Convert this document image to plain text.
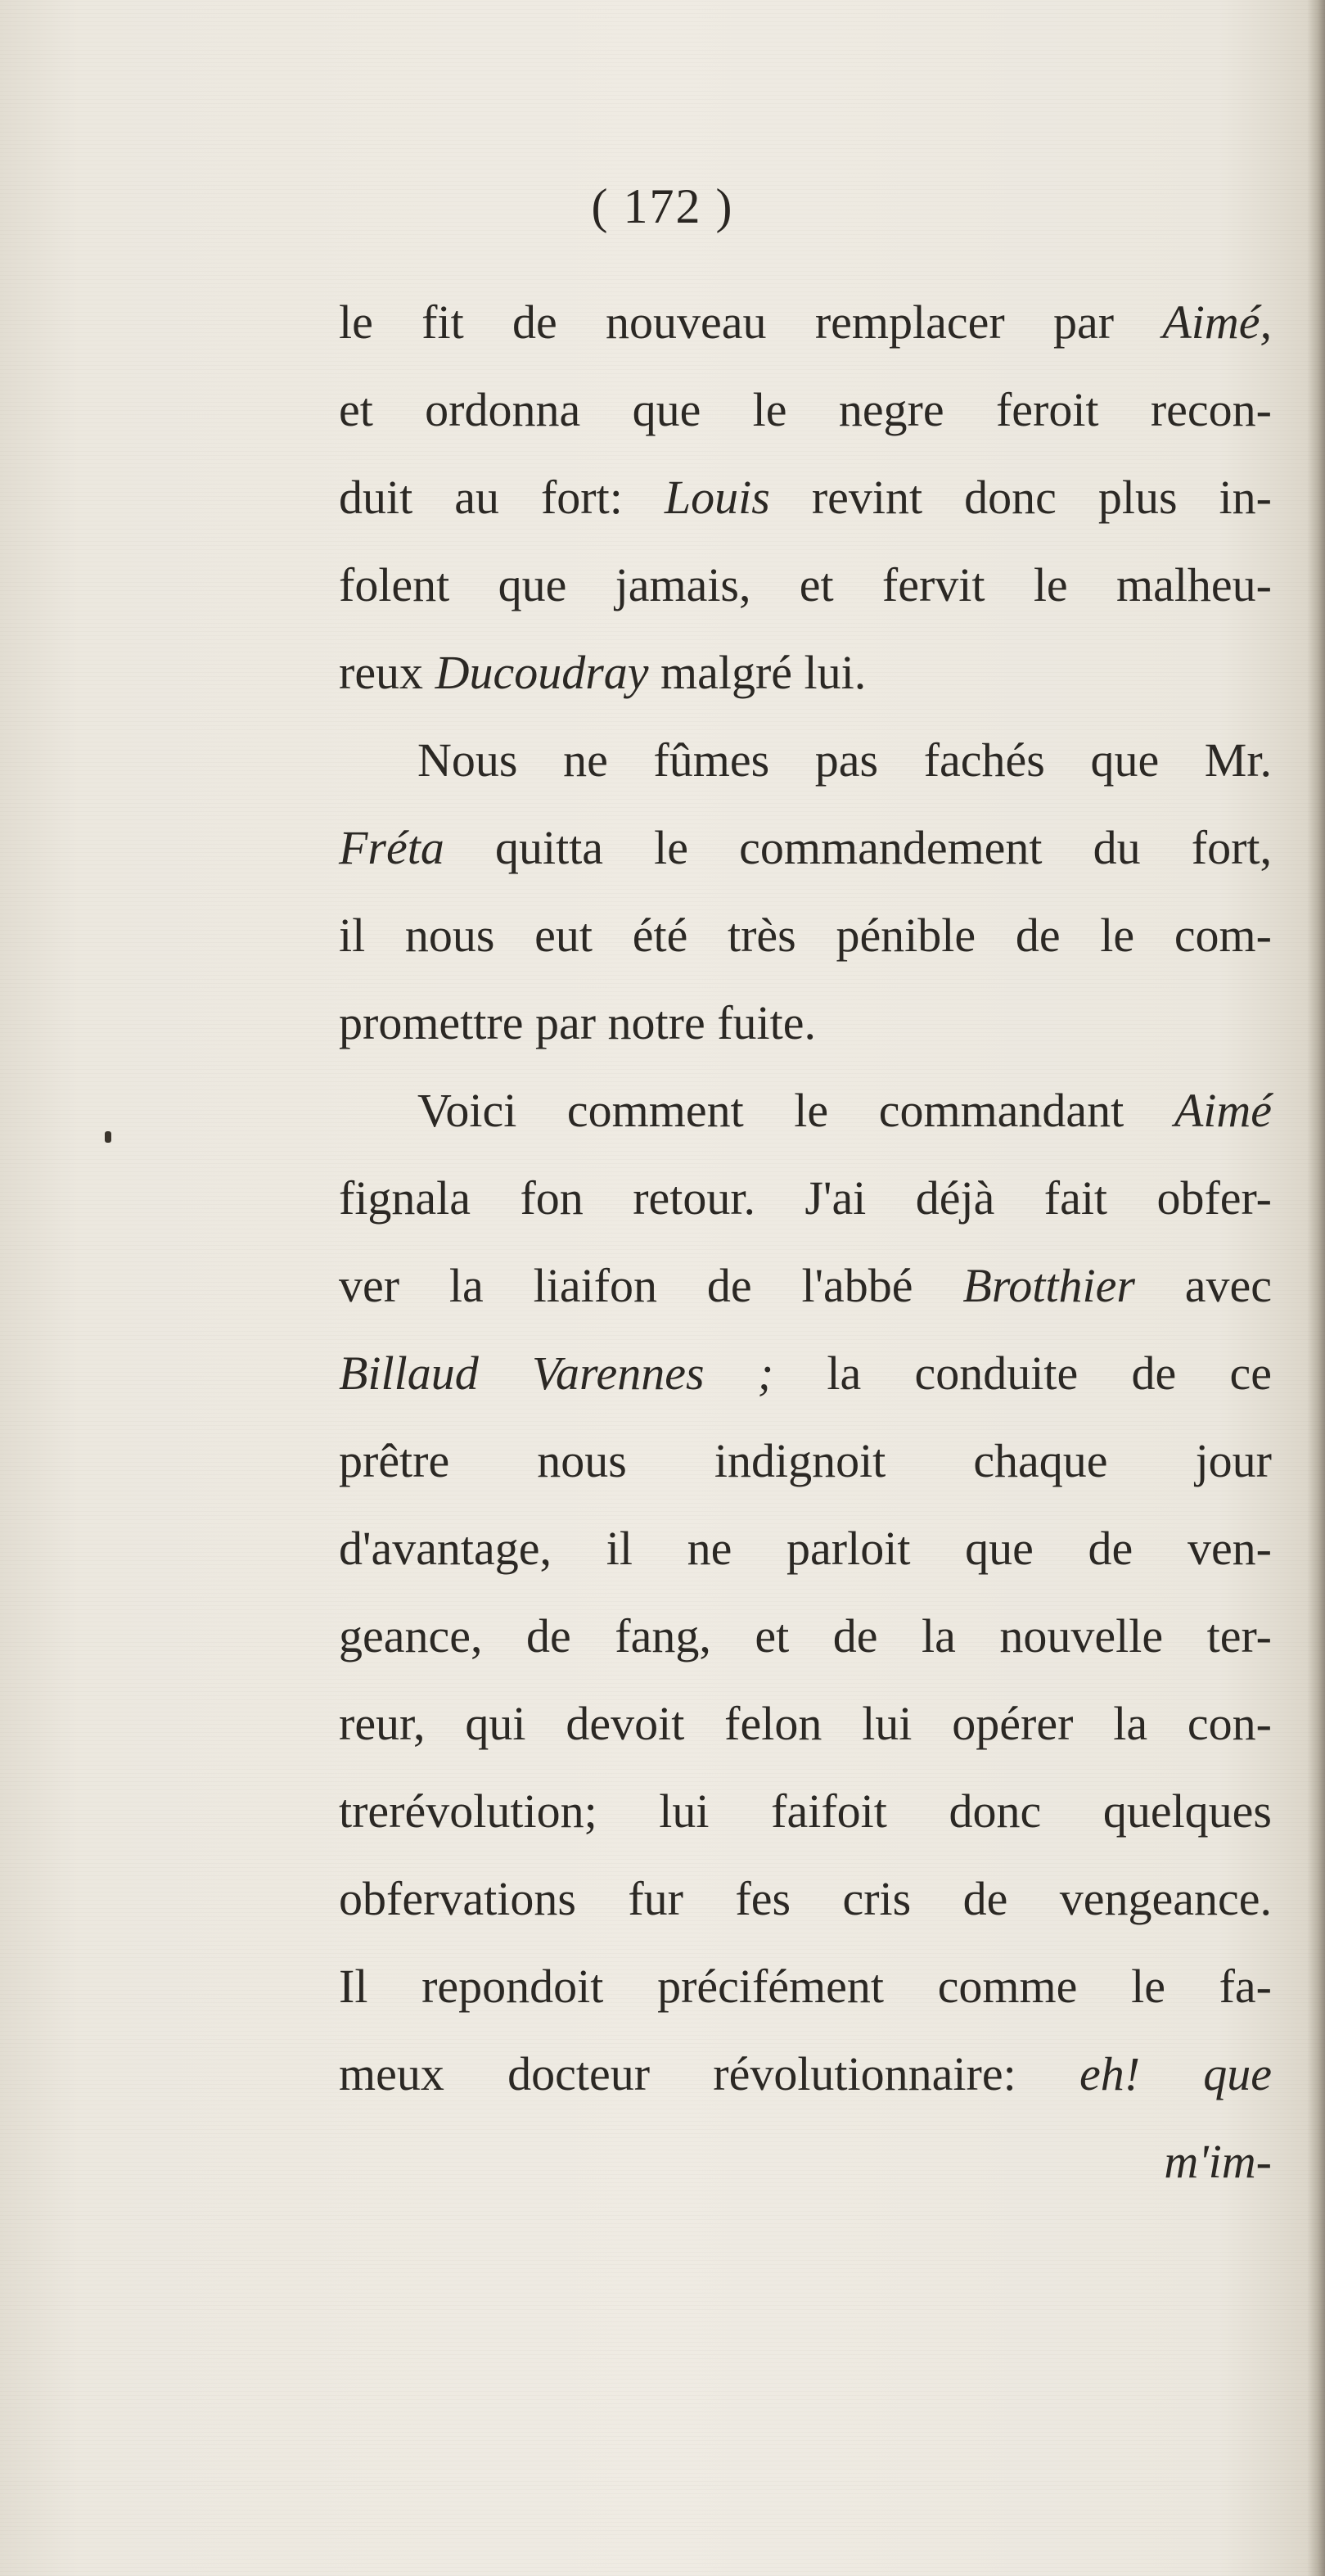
( 172 )
le fit de nouveau remplacer par Aimé,
et ordonna que le negre feroit recon-
duit au fort: Louis revint donc plus in-
folent que jamais, et fervit le malheu-
reux Ducoudray malgré lui.
Nous ne fûmes pas fachés que Mr.
Fréta quitta le commandement du fort,
il nous eut été très pénible de le com-
promettre par notre fuite.
Voici comment le commandant Aimé
fignala fon retour. J'ai déjà fait obfer-
ver la liaifon de l'abbé Brotthier avec
Billaud Varennes ; la conduite de ce
prêtre nous indignoit chaque jour
d'avantage, il ne parloit que de ven-
geance, de fang, et de la nouvelle ter-
reur, qui devoit felon lui opérer la con-
trerévolution; lui faifoit donc quelques
obfervations fur fes cris de vengeance.
Il repondoit précifément comme le fa-
meux docteur révolutionnaire: eh! que
m'im-
